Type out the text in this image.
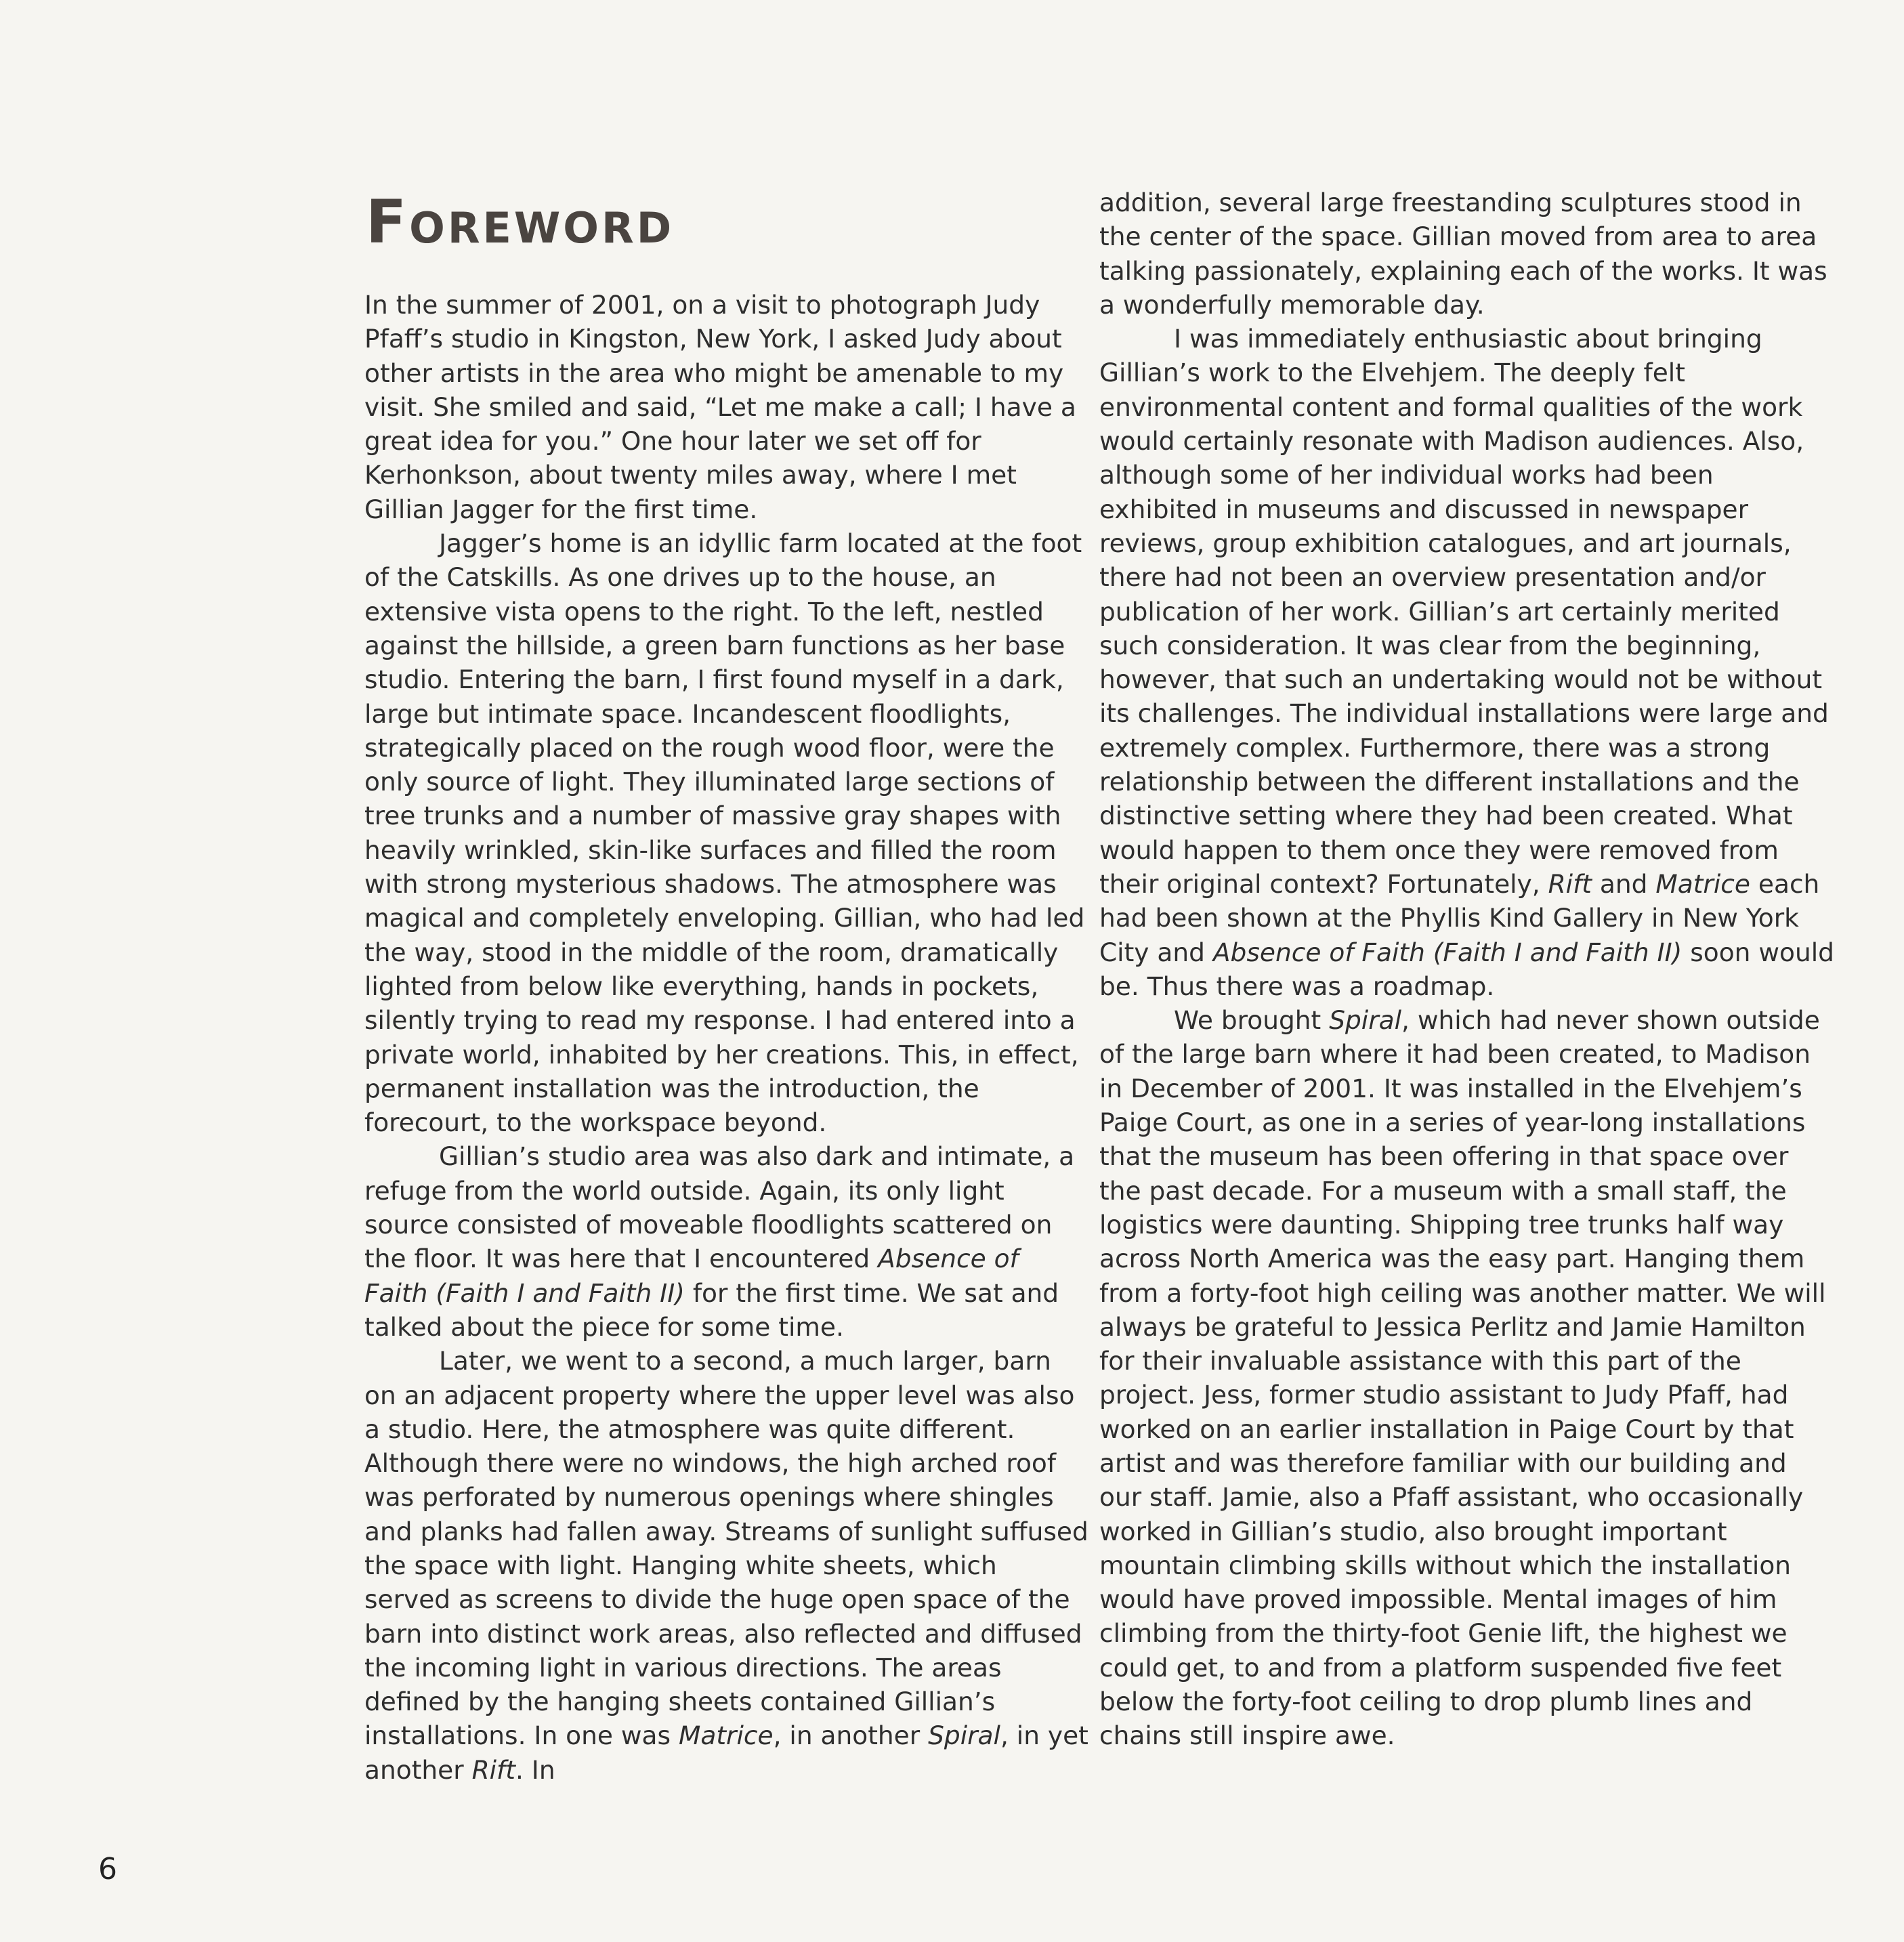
Foreword

In the summer of 2001, on a visit to photograph Judy Pfaff’s studio in Kingston, New York, I asked Judy about other artists in the area who might be amenable to my visit. She smiled and said, “Let me make a call; I have a great idea for you.” One hour later we set off for Kerhonkson, about twenty miles away, where I met Gillian Jagger for the first time.

Jagger’s home is an idyllic farm located at the foot of the Catskills. As one drives up to the house, an extensive vista opens to the right. To the left, nestled against the hillside, a green barn functions as her base studio. Entering the barn, I first found myself in a dark, large but intimate space. Incandescent floodlights, strategically placed on the rough wood floor, were the only source of light. They illuminated large sections of tree trunks and a number of massive gray shapes with heavily wrinkled, skin-like surfaces and filled the room with strong mysterious shadows. The atmosphere was magical and completely enveloping. Gillian, who had led the way, stood in the middle of the room, dramatically lighted from below like everything, hands in pockets, silently trying to read my response. I had entered into a private world, inhabited by her creations. This, in effect, permanent installation was the introduction, the forecourt, to the workspace beyond.

Gillian’s studio area was also dark and intimate, a refuge from the world outside. Again, its only light source consisted of moveable floodlights scattered on the floor. It was here that I encountered Absence of Faith (Faith I and Faith II) for the first time. We sat and talked about the piece for some time.

Later, we went to a second, a much larger, barn on an adjacent property where the upper level was also a studio. Here, the atmosphere was quite different. Although there were no windows, the high arched roof was perforated by numerous openings where shingles and planks had fallen away. Streams of sunlight suffused the space with light. Hanging white sheets, which served as screens to divide the huge open space of the barn into distinct work areas, also reflected and diffused the incoming light in various directions. The areas defined by the hanging sheets contained Gillian’s installations. In one was Matrice, in another Spiral, in yet another Rift. In

addition, several large freestanding sculptures stood in the center of the space. Gillian moved from area to area talking passionately, explaining each of the works. It was a wonderfully memorable day.

I was immediately enthusiastic about bringing Gillian’s work to the Elvehjem. The deeply felt environmental content and formal qualities of the work would certainly resonate with Madison audiences. Also, although some of her individual works had been exhibited in museums and discussed in newspaper reviews, group exhibition catalogues, and art journals, there had not been an overview presentation and/or publication of her work. Gillian’s art certainly merited such consideration. It was clear from the beginning, however, that such an undertaking would not be without its challenges. The individual installations were large and extremely complex. Furthermore, there was a strong relationship between the different installations and the distinctive setting where they had been created. What would happen to them once they were removed from their original context? Fortunately, Rift and Matrice each had been shown at the Phyllis Kind Gallery in New York City and Absence of Faith (Faith I and Faith II) soon would be. Thus there was a roadmap.

We brought Spiral, which had never shown outside of the large barn where it had been created, to Madison in December of 2001. It was installed in the Elvehjem’s Paige Court, as one in a series of year-long installations that the museum has been offering in that space over the past decade. For a museum with a small staff, the logistics were daunting. Shipping tree trunks half way across North America was the easy part. Hanging them from a forty-foot high ceiling was another matter. We will always be grateful to Jessica Perlitz and Jamie Hamilton for their invaluable assistance with this part of the project. Jess, former studio assistant to Judy Pfaff, had worked on an earlier installation in Paige Court by that artist and was therefore familiar with our building and our staff. Jamie, also a Pfaff assistant, who occasionally worked in Gillian’s studio, also brought important mountain climbing skills without which the installation would have proved impossible. Mental images of him climbing from the thirty-foot Genie lift, the highest we could get, to and from a platform suspended five feet below the forty-foot ceiling to drop plumb lines and chains still inspire awe.

6
